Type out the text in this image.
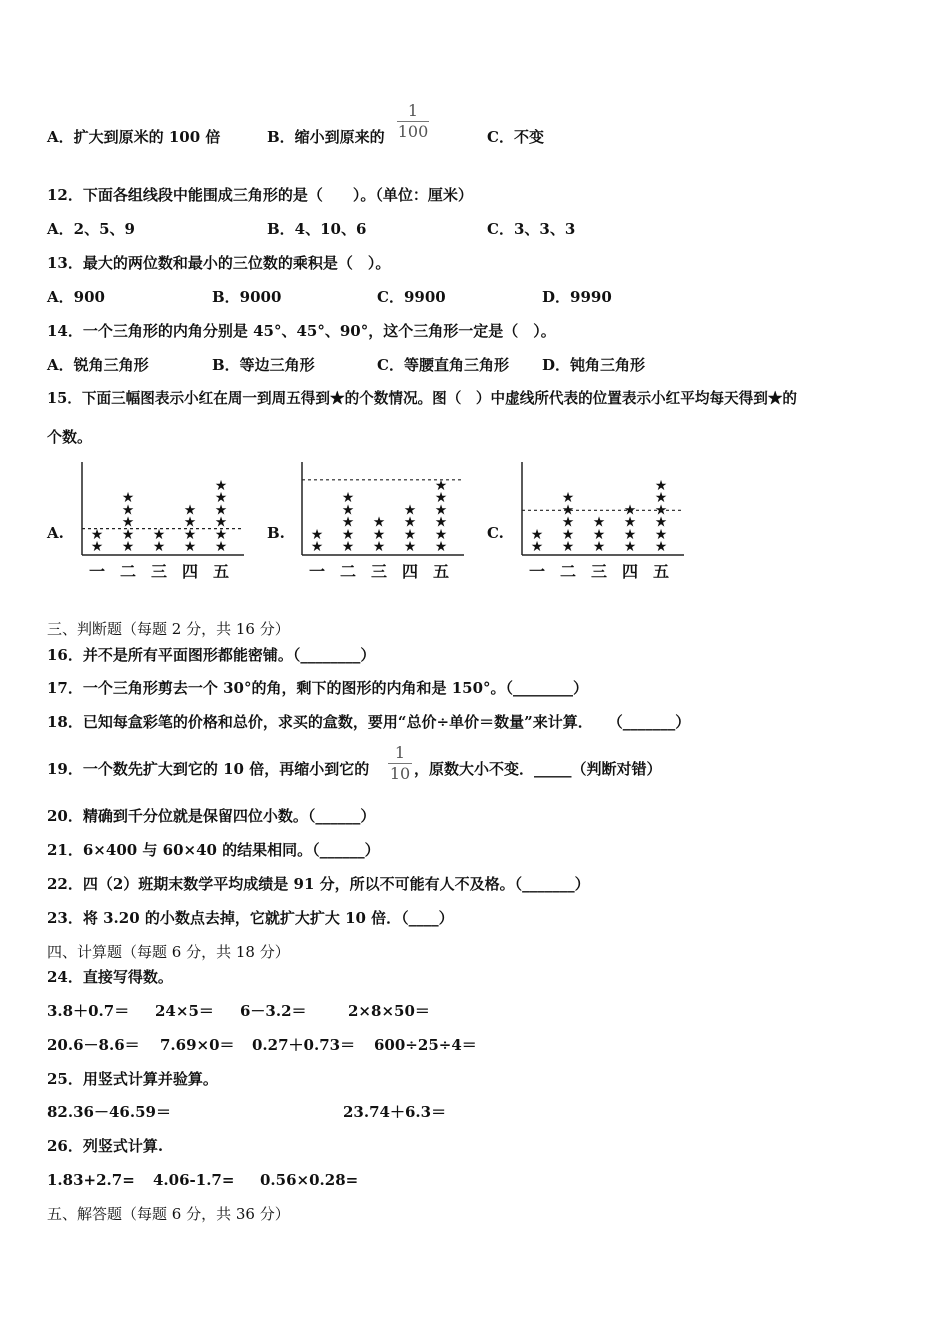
A．扩大到原米的 100 倍	B．缩小到原来的
1
100	C．不变
12．下面各组线段中能围成三角形的是（　　）。（单位：厘米）
A．2、5、9	B．4、10、6	C．3、3、3
13．最大的两位数和最小的三位数的乘积是（　）。
A．900	B．9000	C．9900	D．9990
14．一个三角形的内角分别是 45°、45°、90°，这个三角形一定是（　）。
A．锐角三角形	B．等边三角形	C．等腰直角三角形 D．钝角三角形
15．下面三幅图表示小红在周一到周五得到★的个数情况。图（　）中虚线所代表的位置表示小红平均每天得到★的
个数。
A.	B.	C.
★
★
一
★
★
★
★
★
二
★
★
三
★
★
★
★
四
★
★
★
★
★
★
五
★
★
一
★
★
★
★
★
二
★
★
★
三
★
★
★
★
四
★
★
★
★
★
★
五
★
★
一
★
★
★
★
★
二
★
★
★
三
★
★
★
★
四
★
★
★
★
★
★
五
三、判断题（每题 2 分，共 16 分）
16．并不是所有平面图形都能密铺。（________）
17．一个三角形剪去一个 30°的角，剩下的图形的内角和是 150°。（________）
18．已知每盒彩笔的价格和总价，求买的盒数，要用“总价÷单价＝数量”来计算．　　（_______）
19．一个数先扩大到它的 10 倍，再缩小到它的
1
10 ，原数大小不变．_____（判断对错）
20．精确到千分位就是保留四位小数。（______）
21．6×400 与 60×40 的结果相同。（______）
22．四（2）班期末数学平均成绩是 91 分，所以不可能有人不及格。（_______）
23．将 3.20 的小数点去掉，它就扩大扩大 10 倍．（____）
四、计算题（每题 6 分，共 18 分）
24．直接写得数。
3.8＋0.7＝ 24×5＝ 6－3.2＝	2×8×50＝
20.6－8.6＝ 7.69×0＝ 0.27＋0.73＝ 600÷25÷4＝
25．用竖式计算并验算。
82.36－46.59＝	23.74＋6.3＝
26．列竖式计算.
1.83+2.7= 4.06-1.7= 0.56×0.28=
五、解答题（每题 6 分，共 36 分）
